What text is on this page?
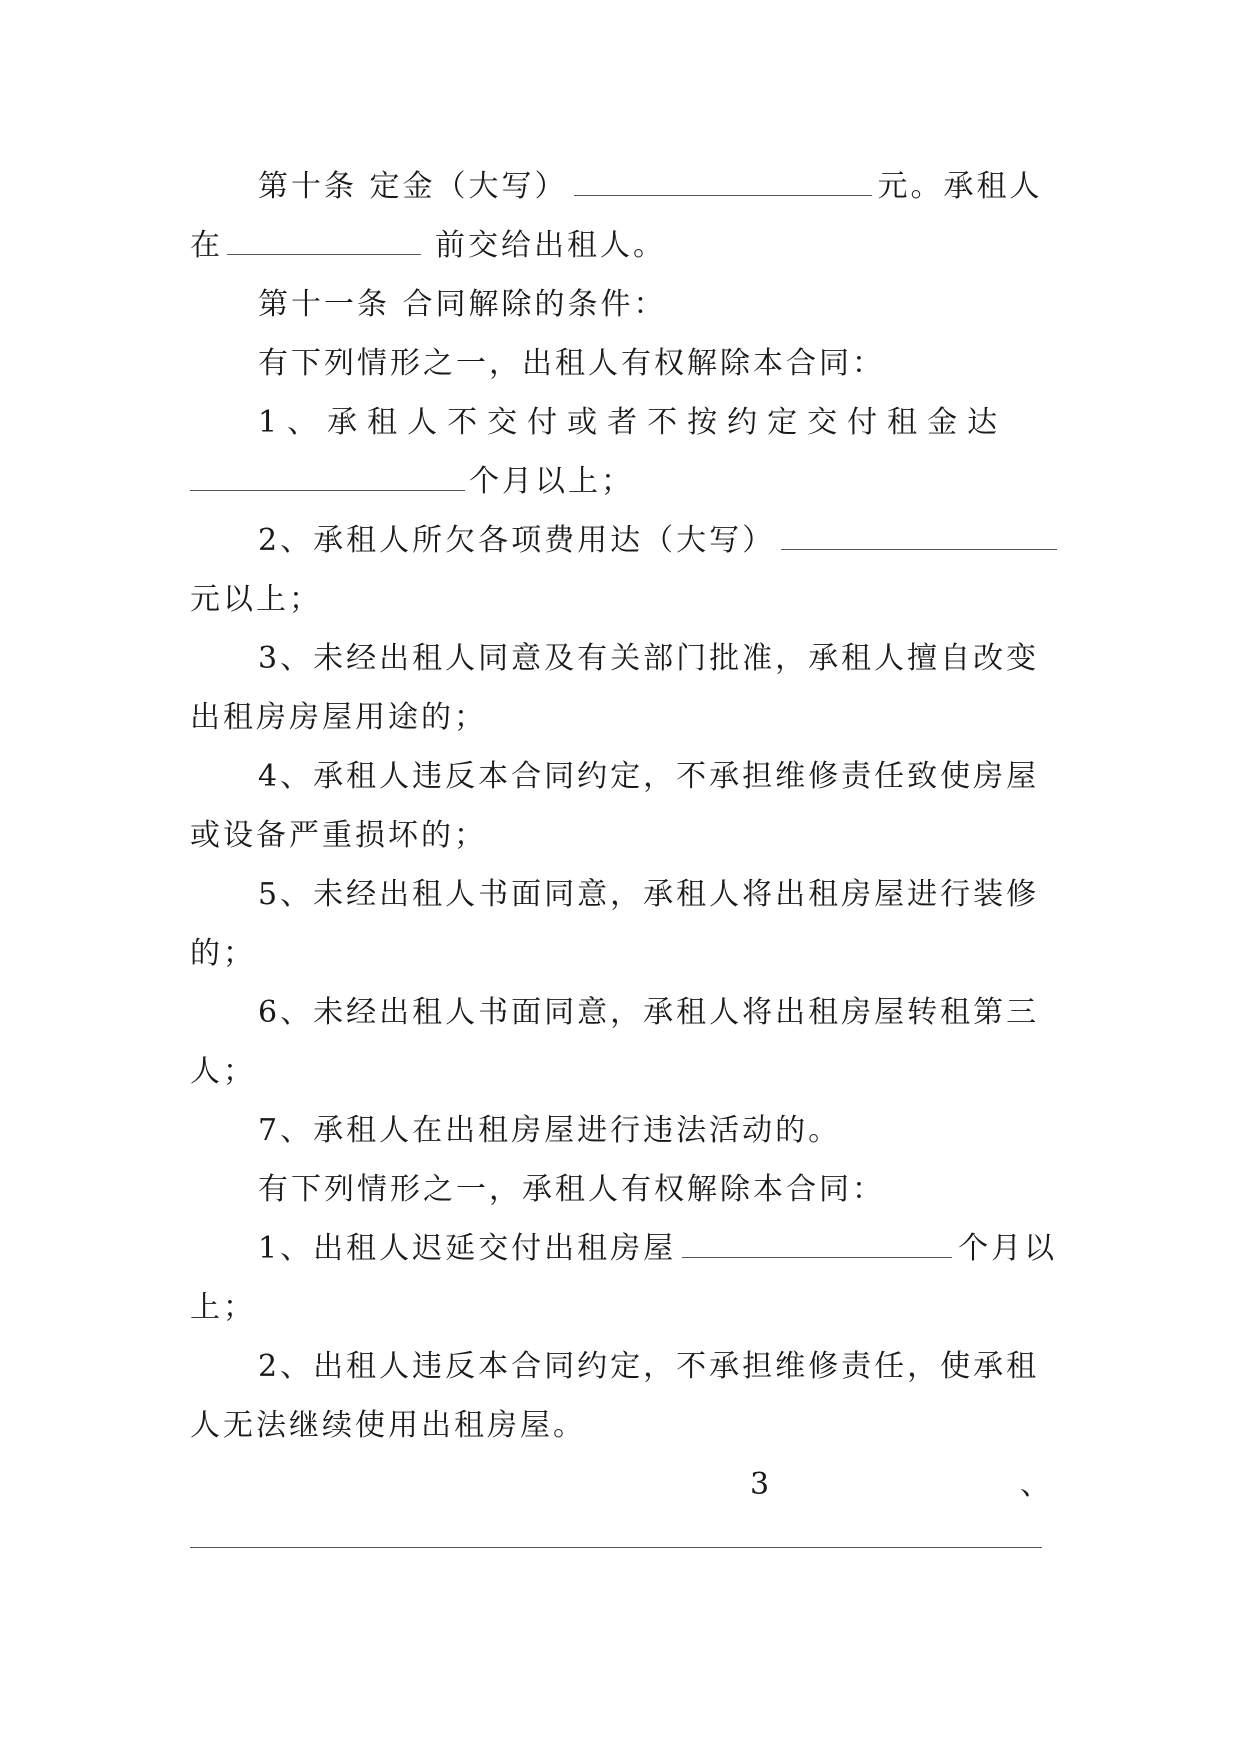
第十条 定金（大写）	元。承租人
在	前交给出租人。
第十一条 合同解除的条件：
有下列情形之一，出租人有权解除本合同：
1、承租人不交付或者不按约定交付租金达
个月以上；
2、承租人所欠各项费用达（大写）
元以上；
3、未经出租人同意及有关部门批准，承租人擅自改变
出租房房屋用途的；
4、承租人违反本合同约定，不承担维修责任致使房屋
或设备严重损坏的；
5、未经出租人书面同意，承租人将出租房屋进行装修
的；
6、未经出租人书面同意，承租人将出租房屋转租第三
人；
7、承租人在出租房屋进行违法活动的。
有下列情形之一，承租人有权解除本合同：
1、出租人迟延交付出租房屋	个月以
上；
2、出租人违反本合同约定，不承担维修责任，使承租
人无法继续使用出租房屋。
3	、
